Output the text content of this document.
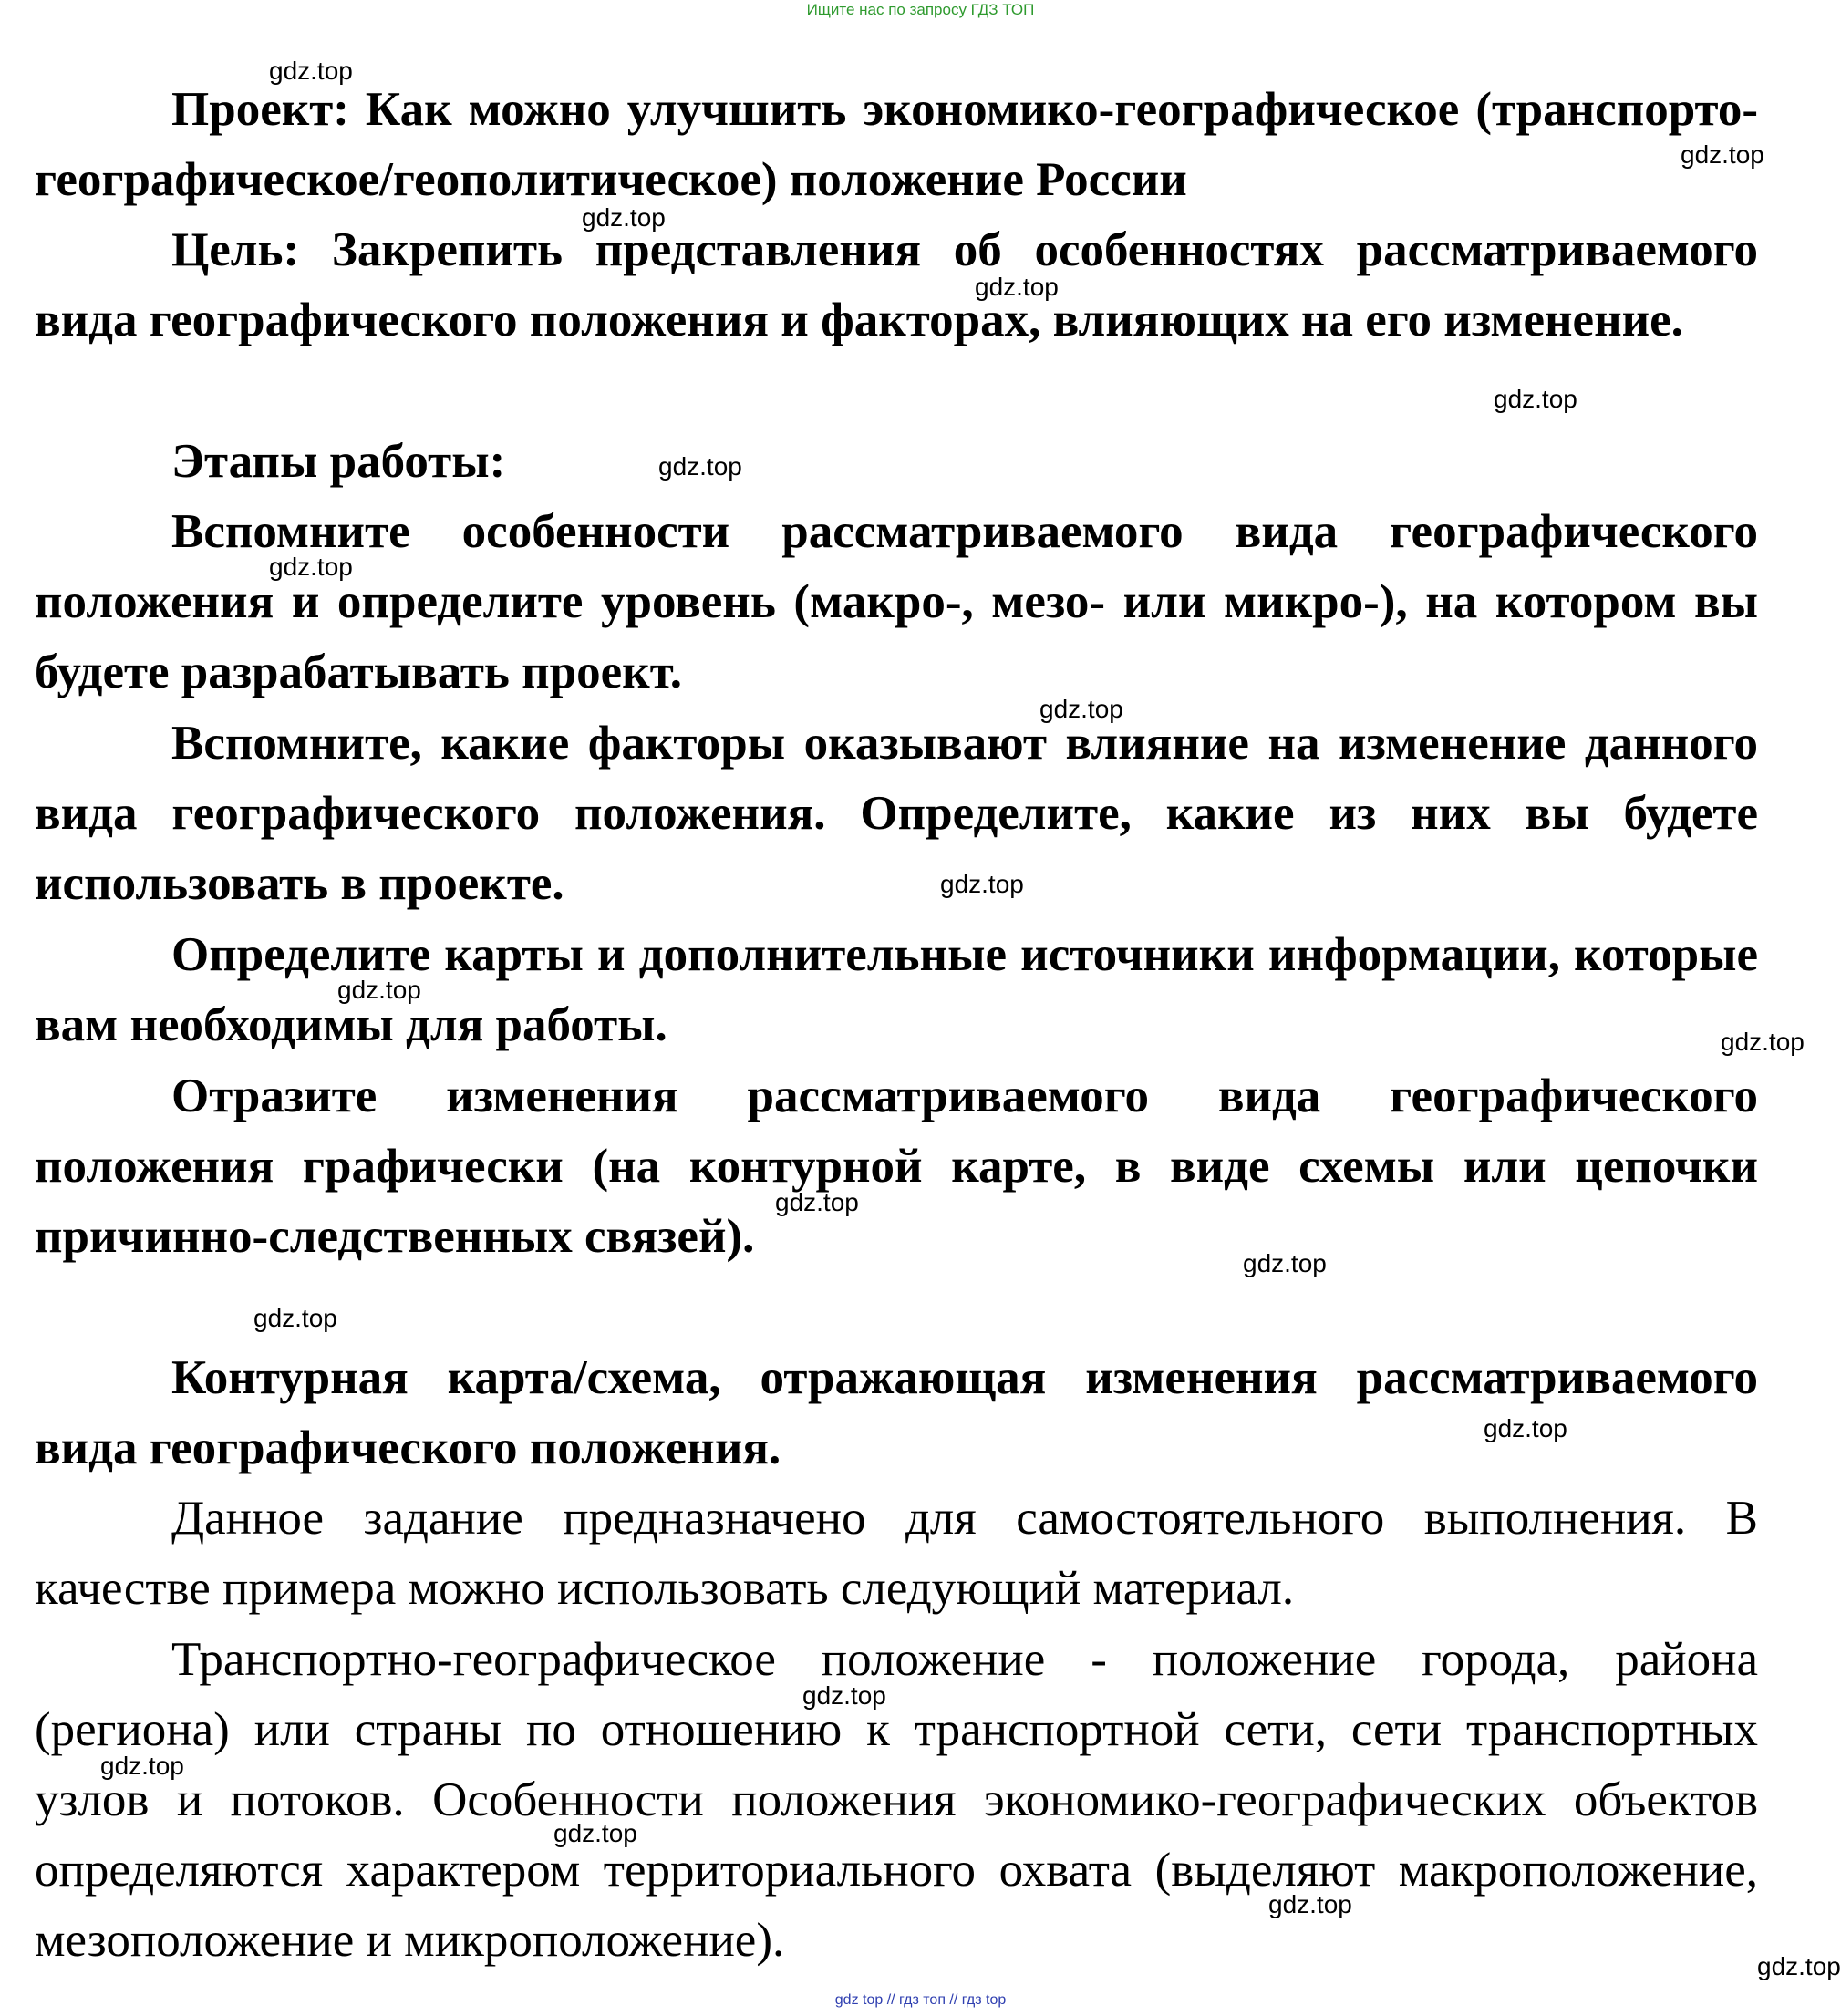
Ищите нас по запросу ГДЗ ТОП
Проект: Как можно улучшить экономико-географическое (транспорто-географическое/геополитическое) положение России
Цель: Закрепить представления об особенностях рассматриваемого вида географического положения и факторах, влияющих на его изменение.
Этапы работы:
Вспомните особенности рассматриваемого вида географического положения и определите уровень (макро-, мезо- или микро-), на котором вы будете разрабатывать проект.
Вспомните, какие факторы оказывают влияние на изменение данного вида географического положения. Определите, какие из них вы будете использовать в проекте.
Определите карты и дополнительные источники информации, которые вам необходимы для работы.
Отразите изменения рассматриваемого вида географического положения графически (на контурной карте, в виде схемы или цепочки причинно-следственных связей).
Контурная карта/схема, отражающая изменения рассматриваемого вида географического положения.
Данное задание предназначено для самостоятельного выполнения. В качестве примера можно использовать следующий материал.
Транспортно-географическое положение - положение города, района (региона) или страны по отношению к транспортной сети, сети транспортных узлов и потоков. Особенности положения экономико-географических объектов определяются характером территориального охвата (выделяют макроположение, мезоположение и микроположение).
gdz.top
gdz.top
gdz.top
gdz.top
gdz.top
gdz.top
gdz.top
gdz.top
gdz.top
gdz.top
gdz.top
gdz.top
gdz.top
gdz.top
gdz.top
gdz.top
gdz.top
gdz.top
gdz.top
gdz.top
gdz top // гдз топ // гдз top
